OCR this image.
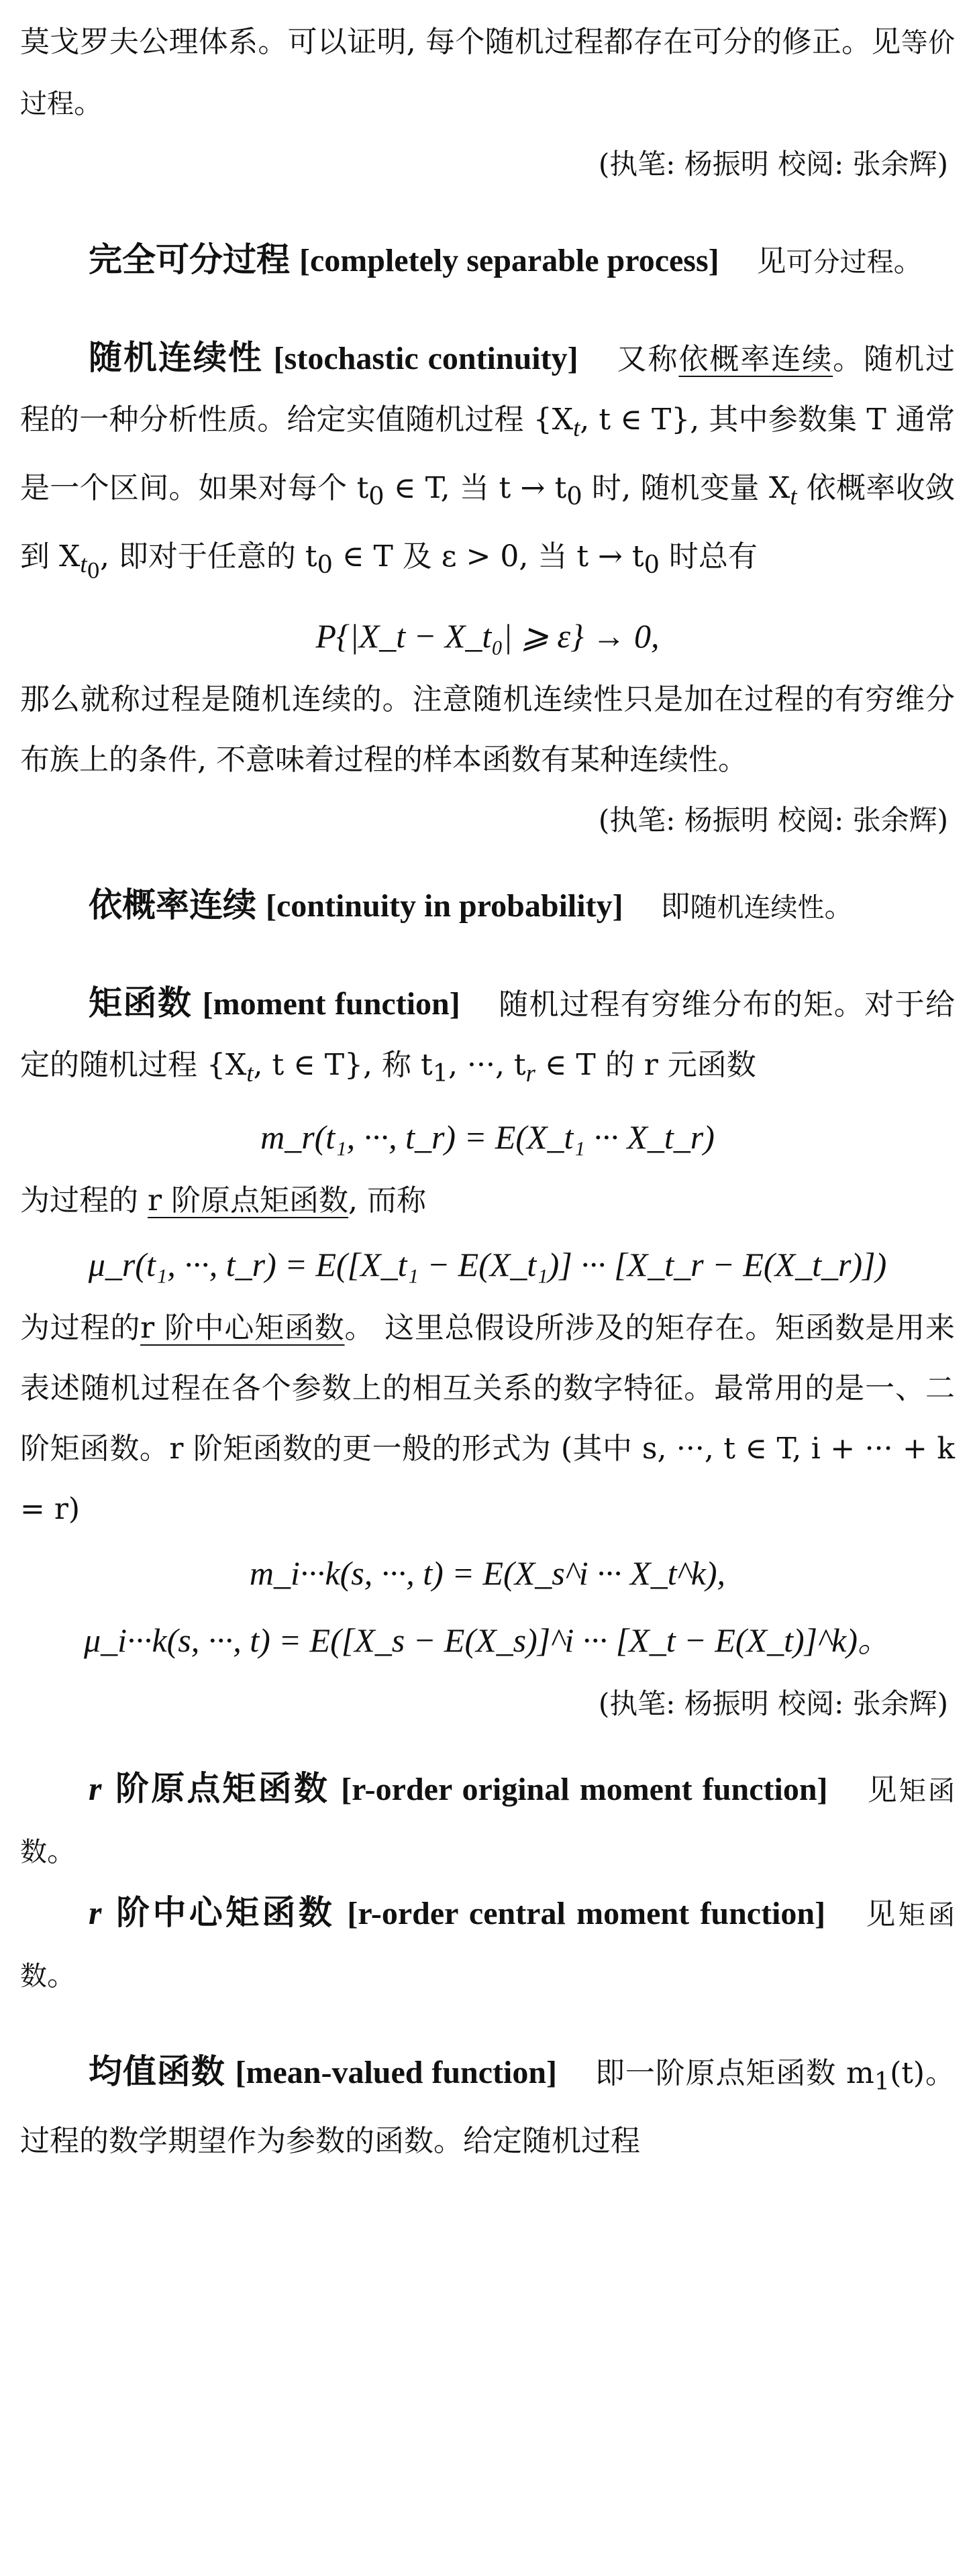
莫戈罗夫公理体系。可以证明, 每个随机过程都存在可分的修正。见等价过程。

(执笔: 杨振明 校阅: 张余辉)

完全可分过程 [completely separable process] 见可分过程。

随机连续性 [stochastic continuity] 又称依概率连续。随机过程的一种分析性质。给定实值随机过程 {$X_t$, t ∈ T}, 其中参数集 T 通常是一个区间。如果对每个 $t_0$ ∈ T, 当 $t \to t_0$ 时, 随机变量 $X_t$ 依概率收敛到 $X_{t_0}$, 即对于任意的 $t_0$ ∈ T 及 ε > 0, 当 $t \to t_0$ 时总有

P{|X_t − X_t₀| ⩾ ε} → 0,

那么就称过程是随机连续的。注意随机连续性只是加在过程的有穷维分布族上的条件, 不意味着过程的样本函数有某种连续性。

(执笔: 杨振明 校阅: 张余辉)

依概率连续 [continuity in probability] 即随机连续性。

矩函数 [moment function] 随机过程有穷维分布的矩。对于给定的随机过程 {$X_t$, t ∈ T}, 称 $t_1$, ···, $t_r$ ∈ T 的 r 元函数

m_r(t₁, ···, t_r) = E(X_t₁ ··· X_t_r)

为过程的 r 阶原点矩函数, 而称

μ_r(t₁, ···, t_r) = E([X_t₁ − E(X_t₁)] ··· [X_t_r − E(X_t_r)])

为过程的r 阶中心矩函数。 这里总假设所涉及的矩存在。矩函数是用来表述随机过程在各个参数上的相互关系的数字特征。最常用的是一、二阶矩函数。r 阶矩函数的更一般的形式为 (其中 s, ···, t ∈ T, i + ··· + k = r)

m_i···k(s, ···, t) = E(X_s^i ··· X_t^k),

μ_i···k(s, ···, t) = E([X_s − E(X_s)]^i ··· [X_t − E(X_t)]^k)。

(执笔: 杨振明 校阅: 张余辉)

r 阶原点矩函数 [r-order original moment function] 见矩函数。

r 阶中心矩函数 [r-order central moment function] 见矩函数。

均值函数 [mean-valued function] 即一阶原点矩函数 $m_1(t)$。过程的数学期望作为参数的函数。给定随机过程
